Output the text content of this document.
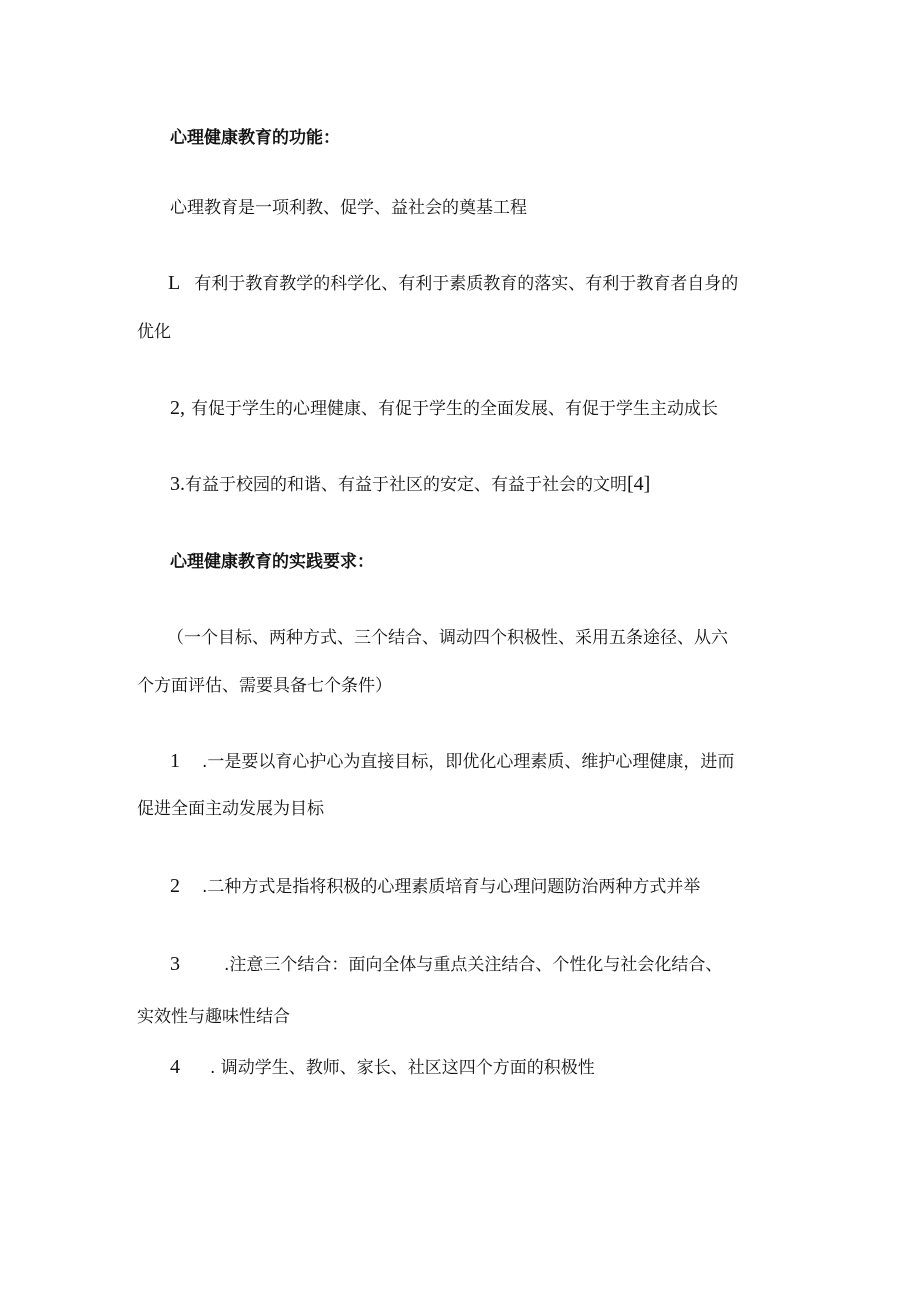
心理健康教育的功能：
心理教育是一项利教、促学、益社会的奠基工程
L 有利于教育教学的科学化、有利于素质教育的落实、有利于教育者自身的
优化
2, 有促于学生的心理健康、有促于学生的全面发展、有促于学生主动成长
3.有益于校园的和谐、有益于社区的安定、有益于社会的文明[4]
心理健康教育的实践要求：
（一个目标、两种方式、三个结合、调动四个积极性、采用五条途径、从六
个方面评估、需要具备七个条件）
1 .一是要以育心护心为直接目标，即优化心理素质、维护心理健康，进而
促进全面主动发展为目标
2 .二种方式是指将积极的心理素质培育与心理问题防治两种方式并举
3	.注意三个结合：面向全体与重点关注结合、个性化与社会化结合、
实效性与趣味性结合
4 . 调动学生、教师、家长、社区这四个方面的积极性
